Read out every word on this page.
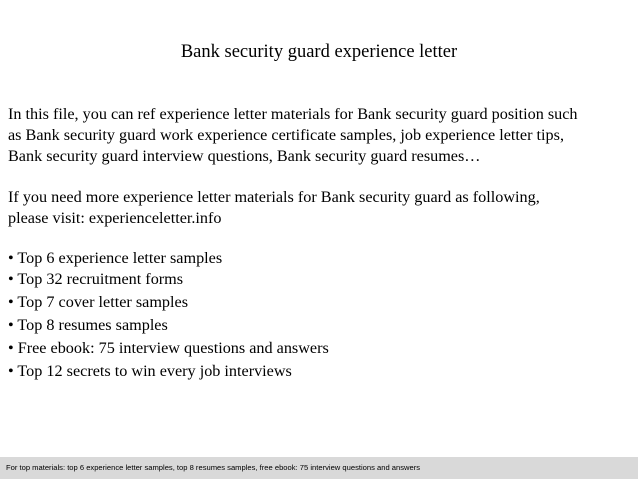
Bank security guard experience letter
In this file, you can ref experience letter materials for Bank security guard position such
as Bank security guard work experience certificate samples, job experience letter tips,
Bank security guard interview questions, Bank security guard resumes…
If you need more experience letter materials for Bank security guard as following,
please visit: experienceletter.info
• Top 6 experience letter samples
• Top 32 recruitment forms
• Top 7 cover letter samples
• Top 8 resumes samples
• Free ebook: 75 interview questions and answers
• Top 12 secrets to win every job interviews
For top materials: top 6 experience letter samples, top 8 resumes samples, free ebook: 75 interview questions and answers
